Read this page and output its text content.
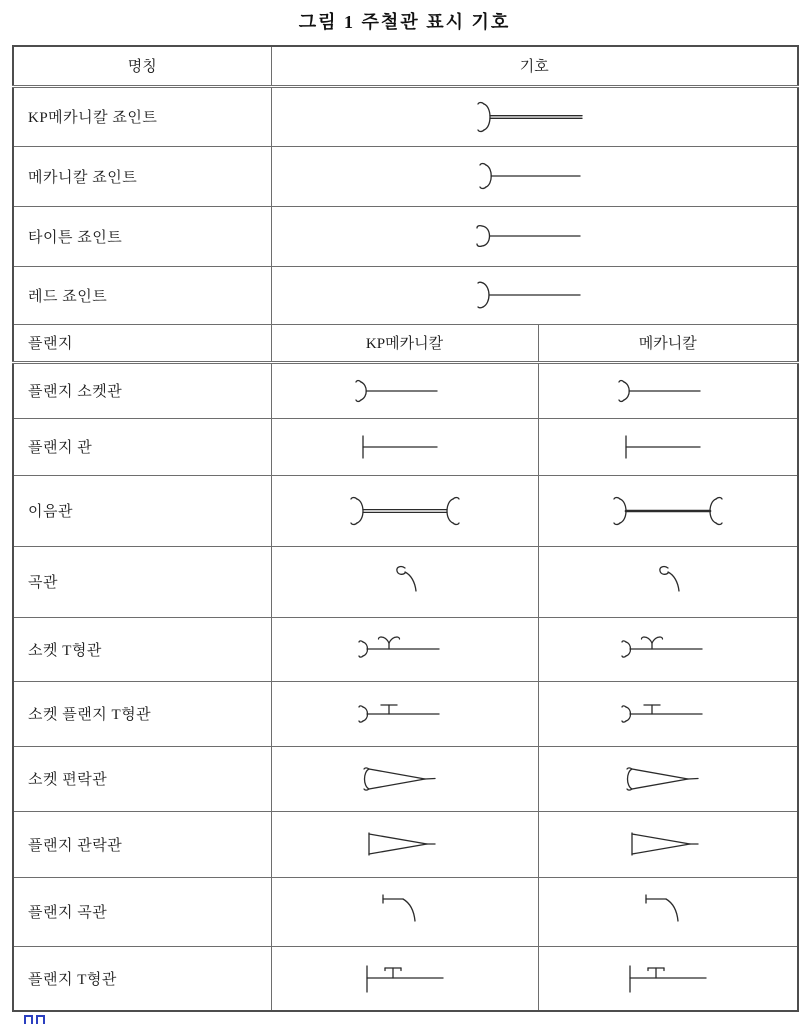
그림 1 주철관 표시 기호
명칭	기호	
KP메카니칼 죠인트	
메카니칼 죠인트	
타이튼 죠인트	
레드 죠인트	
플랜지	KP메카니칼	메카니칼
플랜지 소켓관		
플랜지 관		
이음관		
곡관		
소켓 T형관		
소켓 플랜지 T형관		
소켓 편락관		
플랜지 관락관		
플랜지 곡관		
플랜지 T형관		
